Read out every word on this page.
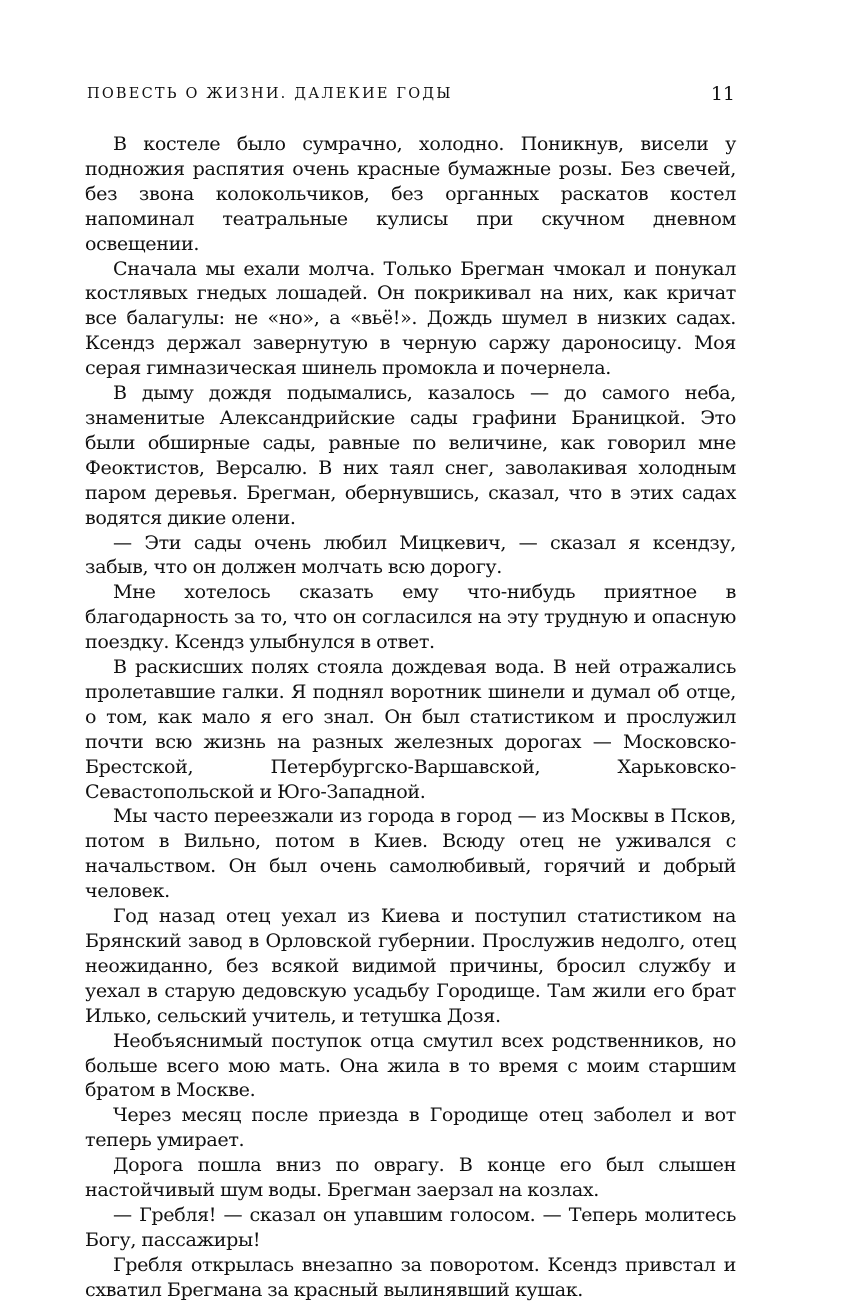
ПОВЕСТЬ О ЖИЗНИ. ДАЛЕКИЕ ГОДЫ	11

В костеле было сумрачно, холодно. Поникнув, висели у подножия распятия очень красные бумажные розы. Без свечей, без звона колокольчиков, без органных раскатов костел напоминал театральные кулисы при скучном дневном освещении.

Сначала мы ехали молча. Только Брегман чмокал и понукал костлявых гнедых лошадей. Он покрикивал на них, как кричат все балагулы: не «но», а «вьё!». Дождь шумел в низких садах. Ксендз держал завернутую в черную саржу дароносицу. Моя серая гимназическая шинель промокла и почернела.

В дыму дождя подымались, казалось — до самого неба, знаменитые Александрийские сады графини Браницкой. Это были обширные сады, равные по величине, как говорил мне Феоктистов, Версалю. В них таял снег, заволакивая холодным паром деревья. Брегман, обернувшись, сказал, что в этих садах водятся дикие олени.

— Эти сады очень любил Мицкевич, — сказал я ксендзу, забыв, что он должен молчать всю дорогу.

Мне хотелось сказать ему что-нибудь приятное в благодарность за то, что он согласился на эту трудную и опасную поездку. Ксендз улыбнулся в ответ.

В раскисших полях стояла дождевая вода. В ней отражались пролетавшие галки. Я поднял воротник шинели и думал об отце, о том, как мало я его знал. Он был статистиком и прослужил почти всю жизнь на разных железных дорогах — Московско-Брестской, Петербургско-Варшавской, Харьковско-Севастопольской и Юго-Западной.

Мы часто переезжали из города в город — из Москвы в Псков, потом в Вильно, потом в Киев. Всюду отец не уживался с начальством. Он был очень самолюбивый, горячий и добрый человек.

Год назад отец уехал из Киева и поступил статистиком на Брянский завод в Орловской губернии. Прослужив недолго, отец неожиданно, без всякой видимой причины, бросил службу и уехал в старую дедовскую усадьбу Городище. Там жили его брат Илько, сельский учитель, и тетушка Дозя.

Необъяснимый поступок отца смутил всех родственников, но больше всего мою мать. Она жила в то время с моим старшим братом в Москве.

Через месяц после приезда в Городище отец заболел и вот теперь умирает.

Дорога пошла вниз по оврагу. В конце его был слышен настойчивый шум воды. Брегман заерзал на козлах.

— Гребля! — сказал он упавшим голосом. — Теперь молитесь Богу, пассажиры!

Гребля открылась внезапно за поворотом. Ксендз привстал и схватил Брегмана за красный вылинявший кушак.
